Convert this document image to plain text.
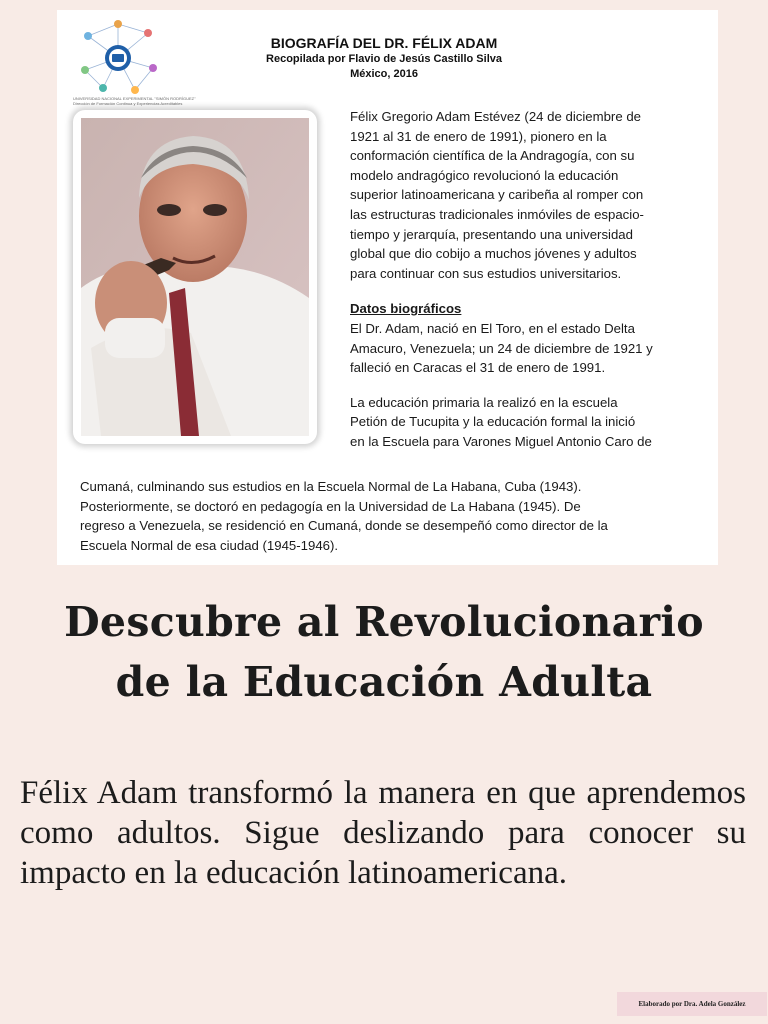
UNIVERSIDAD NACIONAL EXPERIMENTAL "SIMÓN RODRÍGUEZ"
Dirección de Formación Continua y Experiencias Acreditables
BIOGRAFÍA DEL DR. FÉLIX ADAM
Recopilada por Flavio de Jesús Castillo Silva
México, 2016

Félix Gregorio Adam Estévez (24 de diciembre de

1921 al 31 de enero de 1991), pionero en la

conformación científica de la Andragogía, con su

modelo andragógico revolucionó la educación

superior latinoamericana y caribeña al romper con

las estructuras tradicionales inmóviles de espacio-

tiempo y jerarquía, presentando una universidad

global que dio cobijo a muchos jóvenes y adultos

para continuar con sus estudios universitarios.

Datos biográficos

El Dr. Adam, nació en El Toro, en el estado Delta

Amacuro, Venezuela; un 24 de diciembre de 1921 y

falleció en Caracas el 31 de enero de 1991.

La educación primaria la realizó en la escuela

Petión de Tucupita y la educación formal la inició

en la Escuela para Varones Miguel Antonio Caro de

Cumaná, culminando sus estudios en la Escuela Normal de La Habana, Cuba (1943).

Posteriormente, se doctoró en pedagogía en la Universidad de La Habana (1945). De

regreso a Venezuela, se residenció en Cumaná, donde se desempeñó como director de la

Escuela Normal de esa ciudad (1945-1946).

Descubre al Revolucionario
de la Educación Adulta

Félix Adam transformó la manera en que aprendemos como adultos. Sigue deslizando para conocer su impacto en la educación latinoamericana.

Elaborado por Dra. Adela González
